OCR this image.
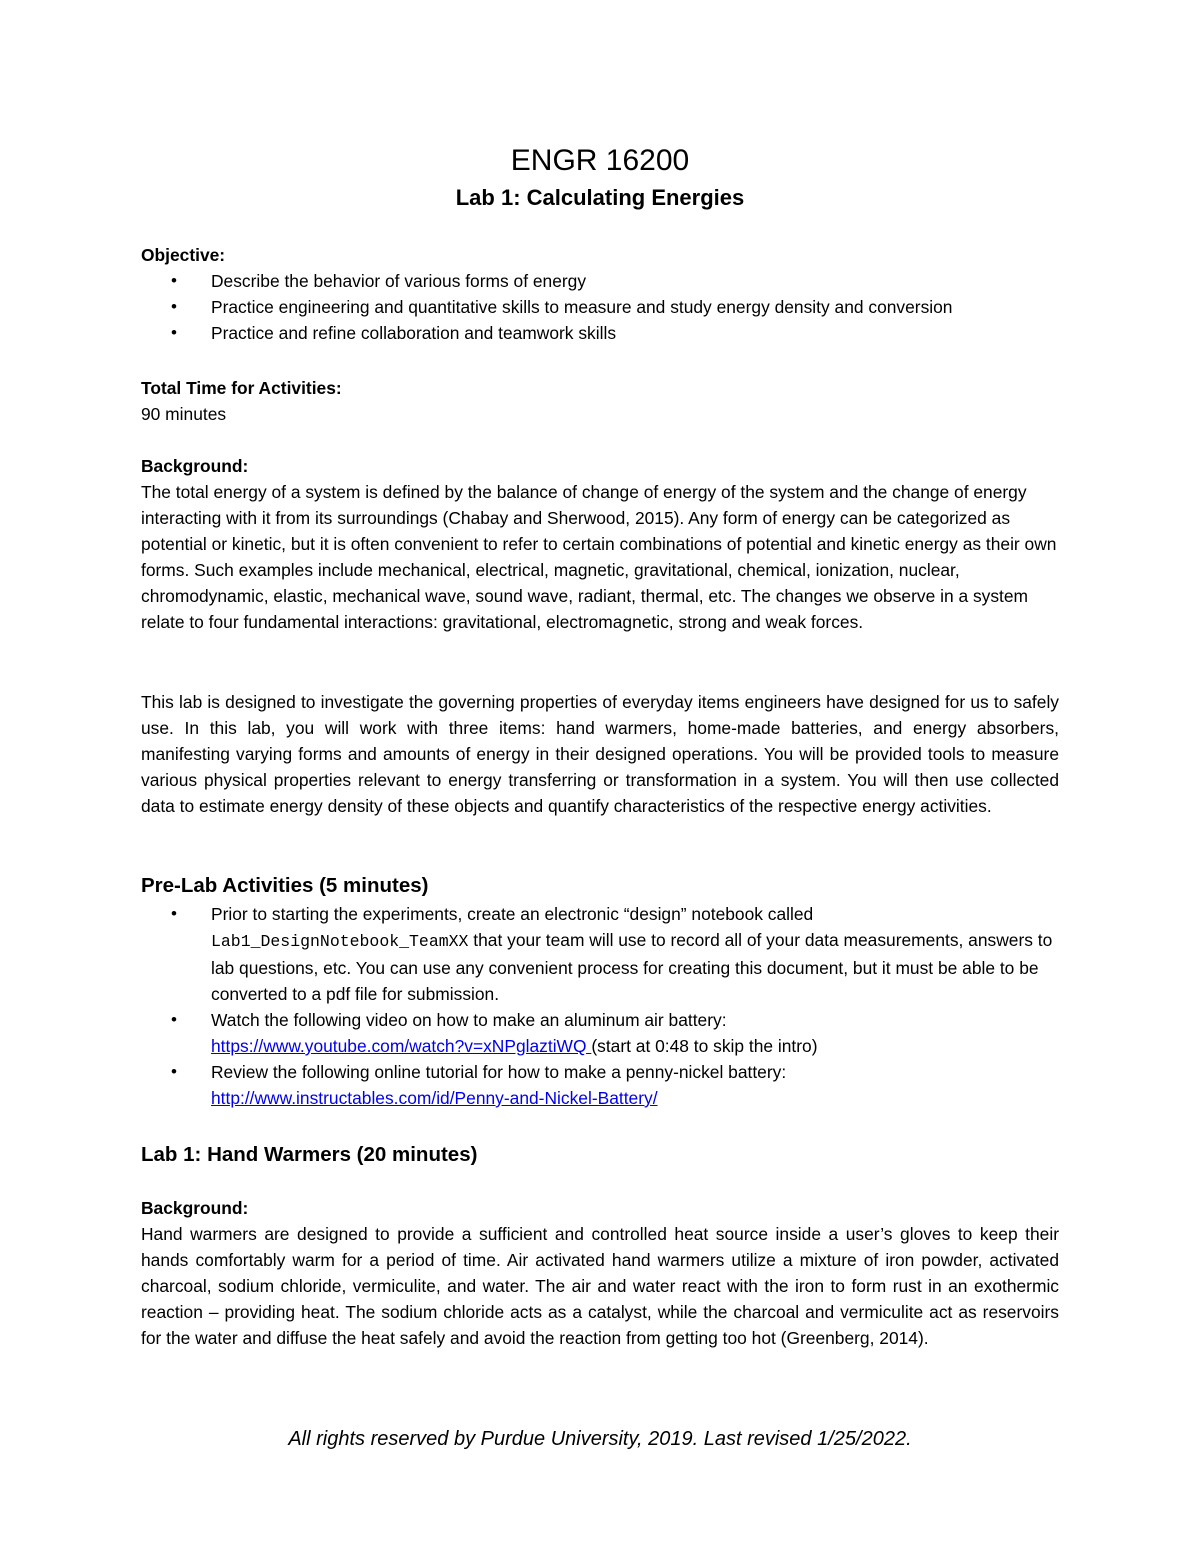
ENGR 16200
Lab 1: Calculating Energies

Objective:

• Describe the behavior of various forms of energy
• Practice engineering and quantitative skills to measure and study energy density and conversion
• Practice and refine collaboration and teamwork skills

Total Time for Activities:

90 minutes

Background:

The total energy of a system is defined by the balance of change of energy of the system and the change of energy interacting with it from its surroundings (Chabay and Sherwood, 2015). Any form of energy can be categorized as potential or kinetic, but it is often convenient to refer to certain combinations of potential and kinetic energy as their own forms. Such examples include mechanical, electrical, magnetic, gravitational, chemical, ionization, nuclear, chromodynamic, elastic, mechanical wave, sound wave, radiant, thermal, etc. The changes we observe in a system relate to four fundamental interactions: gravitational, electromagnetic, strong and weak forces.

This lab is designed to investigate the governing properties of everyday items engineers have designed for us to safely use. In this lab, you will work with three items: hand warmers, home-made batteries, and energy absorbers, manifesting varying forms and amounts of energy in their designed operations. You will be provided tools to measure various physical properties relevant to energy transferring or transformation in a system. You will then use collected data to estimate energy density of these objects and quantify characteristics of the respective energy activities.

Pre-Lab Activities (5 minutes)

• Prior to starting the experiments, create an electronic “design” notebook called
Lab1_DesignNotebook_TeamXX that your team will use to record all of your data measurements, answers to lab questions, etc. You can use any convenient process for creating this document, but it must be able to be converted to a pdf file for submission.
• Watch the following video on how to make an aluminum air battery:
https://www.youtube.com/watch?v=xNPglaztiWQ (start at 0:48 to skip the intro)
• Review the following online tutorial for how to make a penny-nickel battery:
http://www.instructables.com/id/Penny-and-Nickel-Battery/

Lab 1: Hand Warmers (20 minutes)

Background:

Hand warmers are designed to provide a sufficient and controlled heat source inside a user’s gloves to keep their hands comfortably warm for a period of time. Air activated hand warmers utilize a mixture of iron powder, activated charcoal, sodium chloride, vermiculite, and water. The air and water react with the iron to form rust in an exothermic reaction – providing heat. The sodium chloride acts as a catalyst, while the charcoal and vermiculite act as reservoirs for the water and diffuse the heat safely and avoid the reaction from getting too hot (Greenberg, 2014).

All rights reserved by Purdue University, 2019. Last revised 1/25/2022.
